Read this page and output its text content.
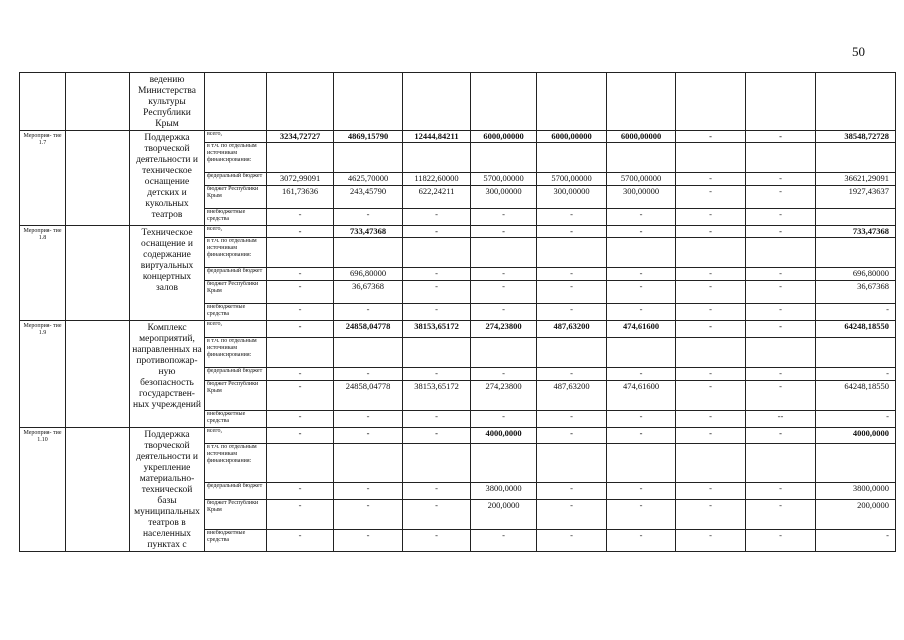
50
		ведению Министерства культуры Республики Крым										
Мероприя- тие 1.7		Поддержка творческой деятельности и техническое оснащение детских и кукольных театров	всего,	3234,72727	4869,15790	12444,84211	6000,00000	6000,00000	6000,00000	-	-	38548,72728
			в т.ч. по отдельным источникам финансирования:									
			федеральный бюджет	3072,99091	4625,70000	11822,60000	5700,00000	5700,00000	5700,00000	-	-	36621,29091
			бюджет Республики Крым	161,73636	243,45790	622,24211	300,00000	300,00000	300,00000	-	-	1927,43637
			внебюджетные средства	-	-	-	-	-	-	-	-	
Мероприя- тие 1.8		Техническое оснащение и содержание виртуальных концертных залов	всего,	-	733,47368	-	-	-	-	-	-	733,47368
			в т.ч. по отдельным источникам финансирования:									
			федеральный бюджет	-	696,80000	-	-	-	-	-	-	696,80000
			бюджет Республики Крым	-	36,67368	-	-	-	-	-	-	36,67368
			внебюджетные средства	-	-	-	-	-	-	-	-	-
Мероприя- тие 1.9		Комплекс мероприятий, направленных на противопожар- ную безопасность государствен- ных учреждений	всего,	-	24858,04778	38153,65172	274,23800	487,63200	474,61600	-	-	64248,18550
			в т.ч. по отдельным источникам финансирования:									
			федеральный бюджет	-	-	-	-	-	-	-	-	-
			бюджет Республики Крым	-	24858,04778	38153,65172	274,23800	487,63200	474,61600	-	-	64248,18550
			внебюджетные средства	-	-	-	-	-	-	-	--	-
Мероприя- тие 1.10		Поддержка творческой деятельности и укрепление материально- технической базы муниципальных театров в населенных пунктах с	всего,	-	-	-	4000,0000	-	-	-	-	4000,0000
			в т.ч. по отдельным источникам финансирования:									
			федеральный бюджет	-	-	-	3800,0000	-	-	-	-	3800,0000
			бюджет Республики Крым	-	-	-	200,0000	-	-	-	-	200,0000
			внебюджетные средства	-	-	-	-	-	-	-	-	-
